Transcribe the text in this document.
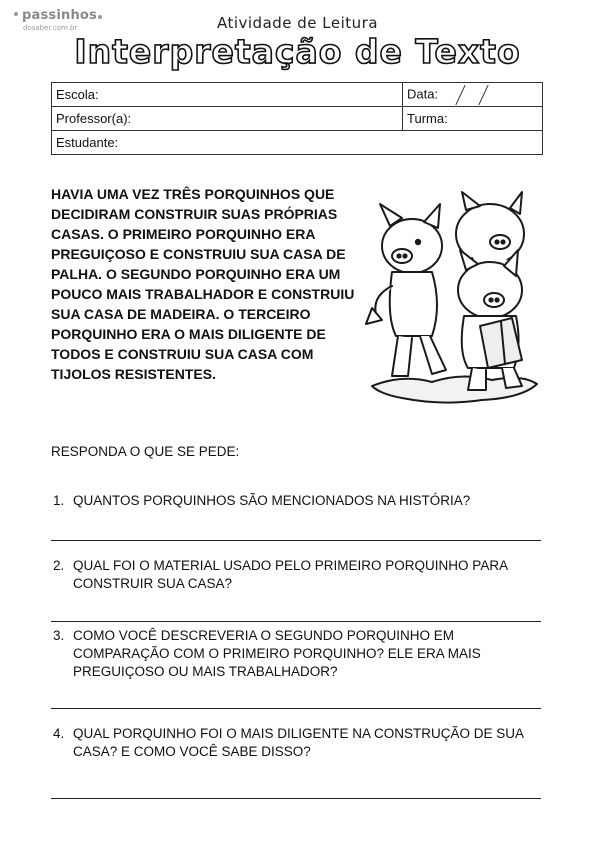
passinhos
dosaber.com.br	Atividade de Leitura
Interpretação de Texto
Escola:	Data:
Professor(a):	Turma:
Estudante:	
HAVIA UMA VEZ TRÊS PORQUINHOS QUE DECIDIRAM CONSTRUIR SUAS PRÓPRIAS CASAS. O PRIMEIRO PORQUINHO ERA PREGUIÇOSO E CONSTRUIU SUA CASA DE PALHA. O SEGUNDO PORQUINHO ERA UM POUCO MAIS TRABALHADOR E CONSTRUIU SUA CASA DE MADEIRA. O TERCEIRO PORQUINHO ERA O MAIS DILIGENTE DE TODOS E CONSTRUIU SUA CASA COM TIJOLOS RESISTENTES.
RESPONDA O QUE SE PEDE:
1. QUANTOS PORQUINHOS SÃO MENCIONADOS NA HISTÓRIA?
2. QUAL FOI O MATERIAL USADO PELO PRIMEIRO PORQUINHO PARA CONSTRUIR SUA CASA?
3. COMO VOCÊ DESCREVERIA O SEGUNDO PORQUINHO EM COMPARAÇÃO COM O PRIMEIRO PORQUINHO? ELE ERA MAIS PREGUIÇOSO OU MAIS TRABALHADOR?
4. QUAL PORQUINHO FOI O MAIS DILIGENTE NA CONSTRUÇÃO DE SUA CASA? E COMO VOCÊ SABE DISSO?
